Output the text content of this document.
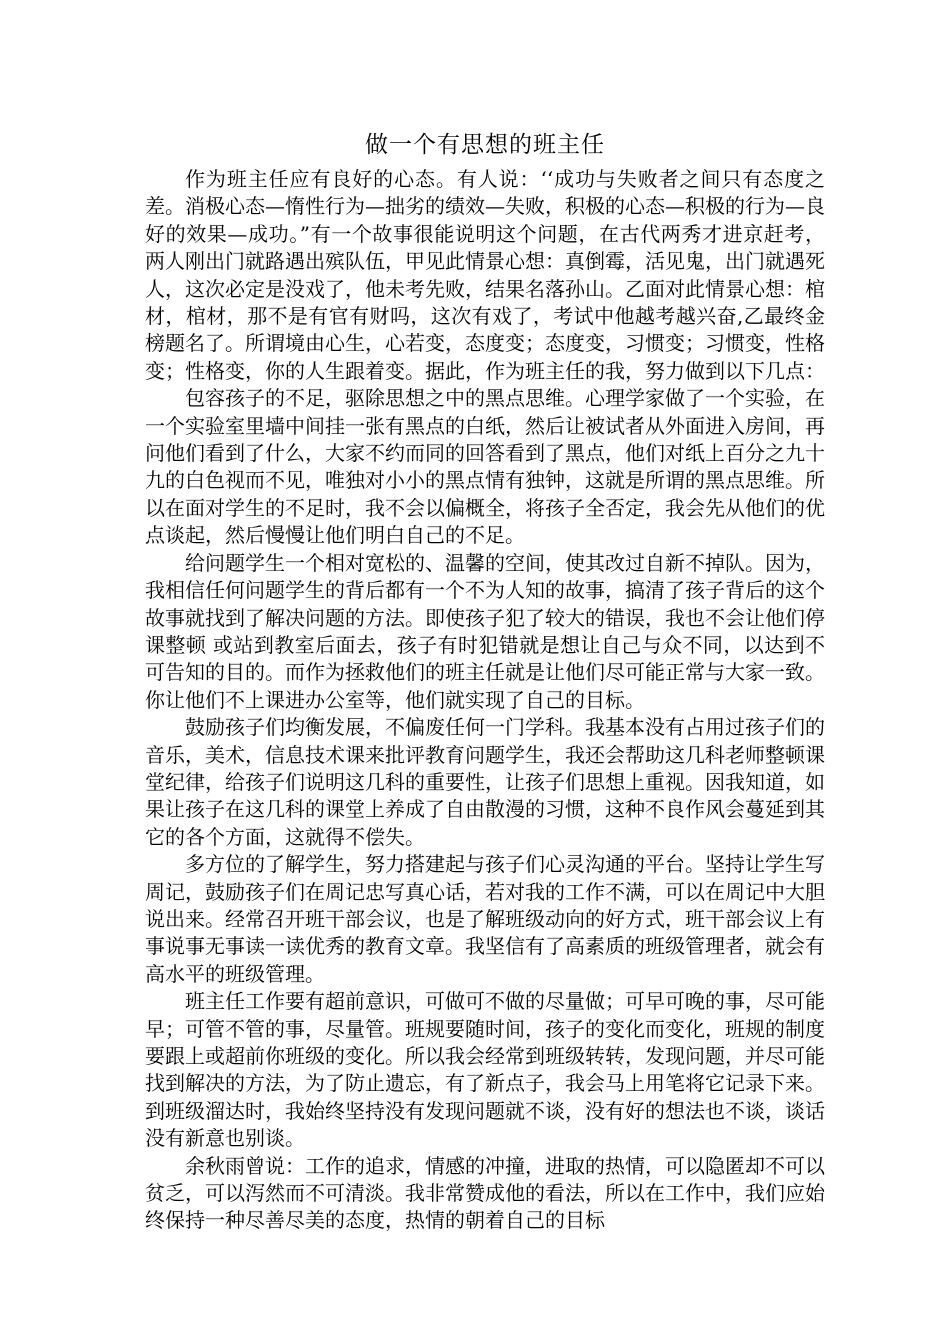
做一个有思想的班主任

作为班主任应有良好的心态。有人说：‘‘成功与失败者之间只有态度之差。消极心态—惰性行为—拙劣的绩效—失败，积极的心态—积极的行为—良好的效果—成功。”有一个故事很能说明这个问题，在古代两秀才进京赶考，两人刚出门就路遇出殡队伍，甲见此情景心想：真倒霉，活见鬼，出门就遇死人，这次必定是没戏了，他未考先败，结果名落孙山。乙面对此情景心想：棺材，棺材，那不是有官有财吗，这次有戏了，考试中他越考越兴奋,乙最终金榜题名了。所谓境由心生，心若变，态度变；态度变，习惯变；习惯变，性格变；性格变，你的人生跟着变。据此，作为班主任的我，努力做到以下几点：

包容孩子的不足，驱除思想之中的黑点思维。心理学家做了一个实验，在一个实验室里墙中间挂一张有黑点的白纸，然后让被试者从外面进入房间，再问他们看到了什么，大家不约而同的回答看到了黑点，他们对纸上百分之九十九的白色视而不见，唯独对小小的黑点情有独钟，这就是所谓的黑点思维。所以在面对学生的不足时，我不会以偏概全，将孩子全否定，我会先从他们的优点谈起，然后慢慢让他们明白自己的不足。

给问题学生一个相对宽松的、温馨的空间，使其改过自新不掉队。因为，我相信任何问题学生的背后都有一个不为人知的故事，搞清了孩子背后的这个故事就找到了解决问题的方法。即使孩子犯了较大的错误，我也不会让他们停课整顿 或站到教室后面去，孩子有时犯错就是想让自己与众不同，以达到不可告知的目的。而作为拯救他们的班主任就是让他们尽可能正常与大家一致。你让他们不上课进办公室等，他们就实现了自己的目标。

鼓励孩子们均衡发展，不偏废任何一门学科。我基本没有占用过孩子们的音乐，美术，信息技术课来批评教育问题学生，我还会帮助这几科老师整顿课堂纪律，给孩子们说明这几科的重要性，让孩子们思想上重视。因我知道，如果让孩子在这几科的课堂上养成了自由散漫的习惯，这种不良作风会蔓延到其它的各个方面，这就得不偿失。

多方位的了解学生，努力搭建起与孩子们心灵沟通的平台。坚持让学生写周记，鼓励孩子们在周记忠写真心话，若对我的工作不满，可以在周记中大胆说出来。经常召开班干部会议，也是了解班级动向的好方式，班干部会议上有事说事无事读一读优秀的教育文章。我坚信有了高素质的班级管理者，就会有高水平的班级管理。

班主任工作要有超前意识，可做可不做的尽量做；可早可晚的事，尽可能早；可管不管的事，尽量管。班规要随时间，孩子的变化而变化，班规的制度要跟上或超前你班级的变化。所以我会经常到班级转转，发现问题，并尽可能找到解决的方法，为了防止遗忘，有了新点子，我会马上用笔将它记录下来。到班级溜达时，我始终坚持没有发现问题就不谈，没有好的想法也不谈，谈话没有新意也别谈。

余秋雨曾说：工作的追求，情感的冲撞，进取的热情，可以隐匿却不可以贫乏，可以泻然而不可清淡。我非常赞成他的看法，所以在工作中，我们应始终保持一种尽善尽美的态度，热情的朝着自己的目标
